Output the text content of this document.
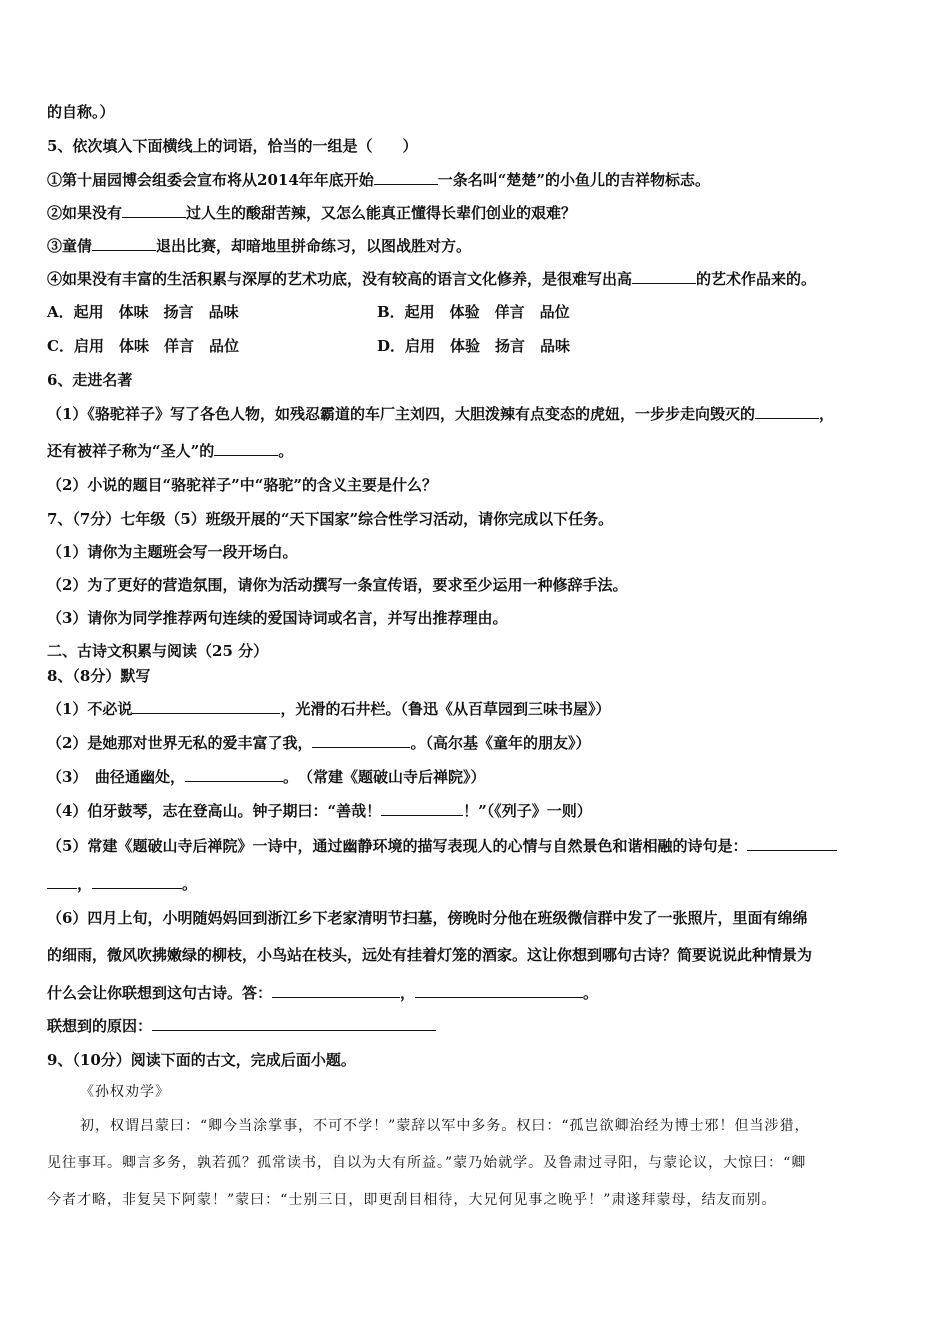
的自称。）
5、依次填入下面横线上的词语，恰当的一组是（　　）
①第十届园博会组委会宣布将从2014年年底开始	一条名叫“楚楚”的小鱼儿的吉祥物标志。
②如果没有	过人生的酸甜苦辣，又怎么能真正懂得长辈们创业的艰难？
③童倩	退出比赛，却暗地里拼命练习，以图战胜对方。
④如果没有丰富的生活积累与深厚的艺术功底，没有较高的语言文化修养，是很难写出高	的艺术作品来的。
A．起用　体味　扬言　品味	B．起用　体验　佯言　品位
C．启用　体味　佯言　品位	D．启用　体验　扬言　品味
6、走进名著
（1）《骆驼祥子》写了各色人物，如残忍霸道的车厂主刘四，大胆泼辣有点变态的虎妞，一步步走向毁灭的	，
还有被祥子称为“圣人”的	。
（2）小说的题目“骆驼祥子”中“骆驼”的含义主要是什么？
7、（7分）七年级（5）班级开展的“天下国家”综合性学习活动，请你完成以下任务。
（1）请你为主题班会写一段开场白。
（2）为了更好的营造氛围，请你为活动撰写一条宣传语，要求至少运用一种修辞手法。
（3）请你为同学推荐两句连续的爱国诗词或名言，并写出推荐理由。
二、古诗文积累与阅读（25 分）
8、（8分）默写
（1）不必说	，光滑的石井栏。（鲁迅《从百草园到三味书屋》）
（2）是她那对世界无私的爱丰富了我，	。（高尔基《童年的朋友》）
（3）　曲径通幽处，	。　（常建《题破山寺后禅院》）
（4）伯牙鼓琴，志在登高山。钟子期曰：“善哉！	！”（《列子》一则）
（5）常建《题破山寺后禅院》一诗中，通过幽静环境的描写表现人的心情与自然景色和谐相融的诗句是：
，	。
（6）四月上旬，小明随妈妈回到浙江乡下老家清明节扫墓，傍晚时分他在班级微信群中发了一张照片，里面有绵绵
的细雨，微风吹拂嫩绿的柳枝，小鸟站在枝头，远处有挂着灯笼的酒家。这让你想到哪句古诗？简要说说此种情景为
什么会让你联想到这句古诗。答：	，	。
联想到的原因：
9、（10分）阅读下面的古文，完成后面小题。
《孙权劝学》
初，权谓吕蒙曰：“卿今当涂掌事，不可不学！”蒙辞以军中多务。权曰：“孤岂欲卿治经为博士邪！但当涉猎，
见往事耳。卿言多务，孰若孤？孤常读书，自以为大有所益。”蒙乃始就学。及鲁肃过寻阳，与蒙论议，大惊曰：“卿
今者才略，非复吴下阿蒙！”蒙曰：“士别三日，即更刮目相待，大兄何见事之晚乎！”肃遂拜蒙母，结友而别。
